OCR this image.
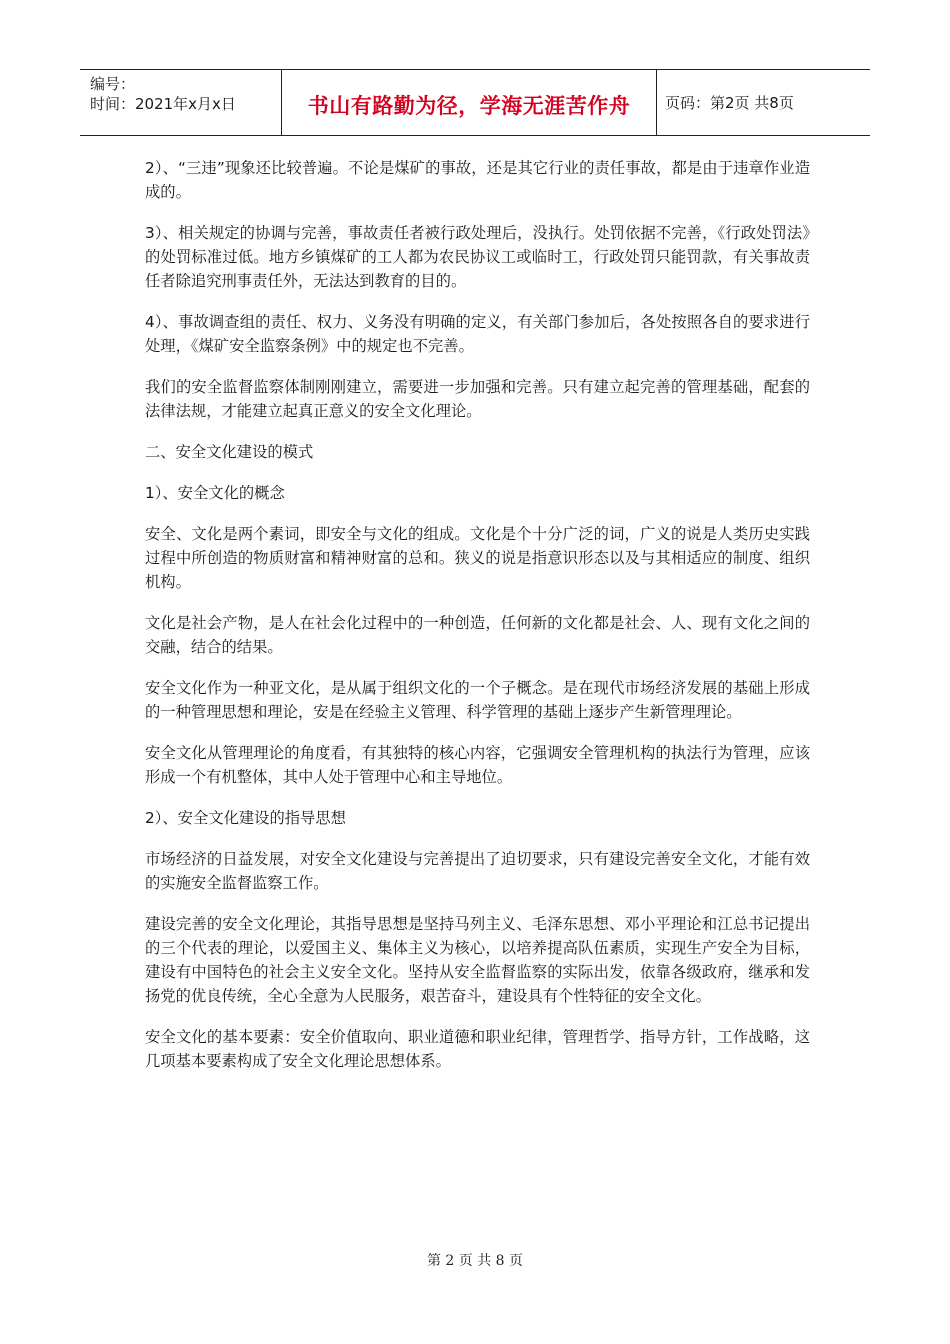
编号：
时间：2021年x月x日	书山有路勤为径，学海无涯苦作舟 页码：第2页 共8页

2）、“三违”现象还比较普遍。不论是煤矿的事故，还是其它行业的责任事故，都是由于违章作业造成的。

3）、相关规定的协调与完善，事故责任者被行政处理后，没执行。处罚依据不完善，《行政处罚法》的处罚标准过低。地方乡镇煤矿的工人都为农民协议工或临时工，行政处罚只能罚款，有关事故责任者除追究刑事责任外，无法达到教育的目的。

4）、事故调查组的责任、权力、义务没有明确的定义，有关部门参加后，各处按照各自的要求进行处理，《煤矿安全监察条例》中的规定也不完善。

我们的安全监督监察体制刚刚建立，需要进一步加强和完善。只有建立起完善的管理基础，配套的法律法规，才能建立起真正意义的安全文化理论。

二、安全文化建设的模式

1）、安全文化的概念

安全、文化是两个素词，即安全与文化的组成。文化是个十分广泛的词，广义的说是人类历史实践过程中所创造的物质财富和精神财富的总和。狭义的说是指意识形态以及与其相适应的制度、组织机构。

文化是社会产物，是人在社会化过程中的一种创造，任何新的文化都是社会、人、现有文化之间的交融，结合的结果。

安全文化作为一种亚文化，是从属于组织文化的一个子概念。是在现代市场经济发展的基础上形成的一种管理思想和理论，安是在经验主义管理、科学管理的基础上逐步产生新管理理论。

安全文化从管理理论的角度看，有其独特的核心内容，它强调安全管理机构的执法行为管理，应该形成一个有机整体，其中人处于管理中心和主导地位。

2）、安全文化建设的指导思想

市场经济的日益发展，对安全文化建设与完善提出了迫切要求，只有建设完善安全文化，才能有效的实施安全监督监察工作。

建设完善的安全文化理论，其指导思想是坚持马列主义、毛泽东思想、邓小平理论和江总书记提出的三个代表的理论，以爱国主义、集体主义为核心，以培养提高队伍素质，实现生产安全为目标，建设有中国特色的社会主义安全文化。坚持从安全监督监察的实际出发，依靠各级政府，继承和发扬党的优良传统，全心全意为人民服务，艰苦奋斗，建设具有个性特征的安全文化。

安全文化的基本要素：安全价值取向、职业道德和职业纪律，管理哲学、指导方针，工作战略，这几项基本要素构成了安全文化理论思想体系。

第 2 页 共 8 页
